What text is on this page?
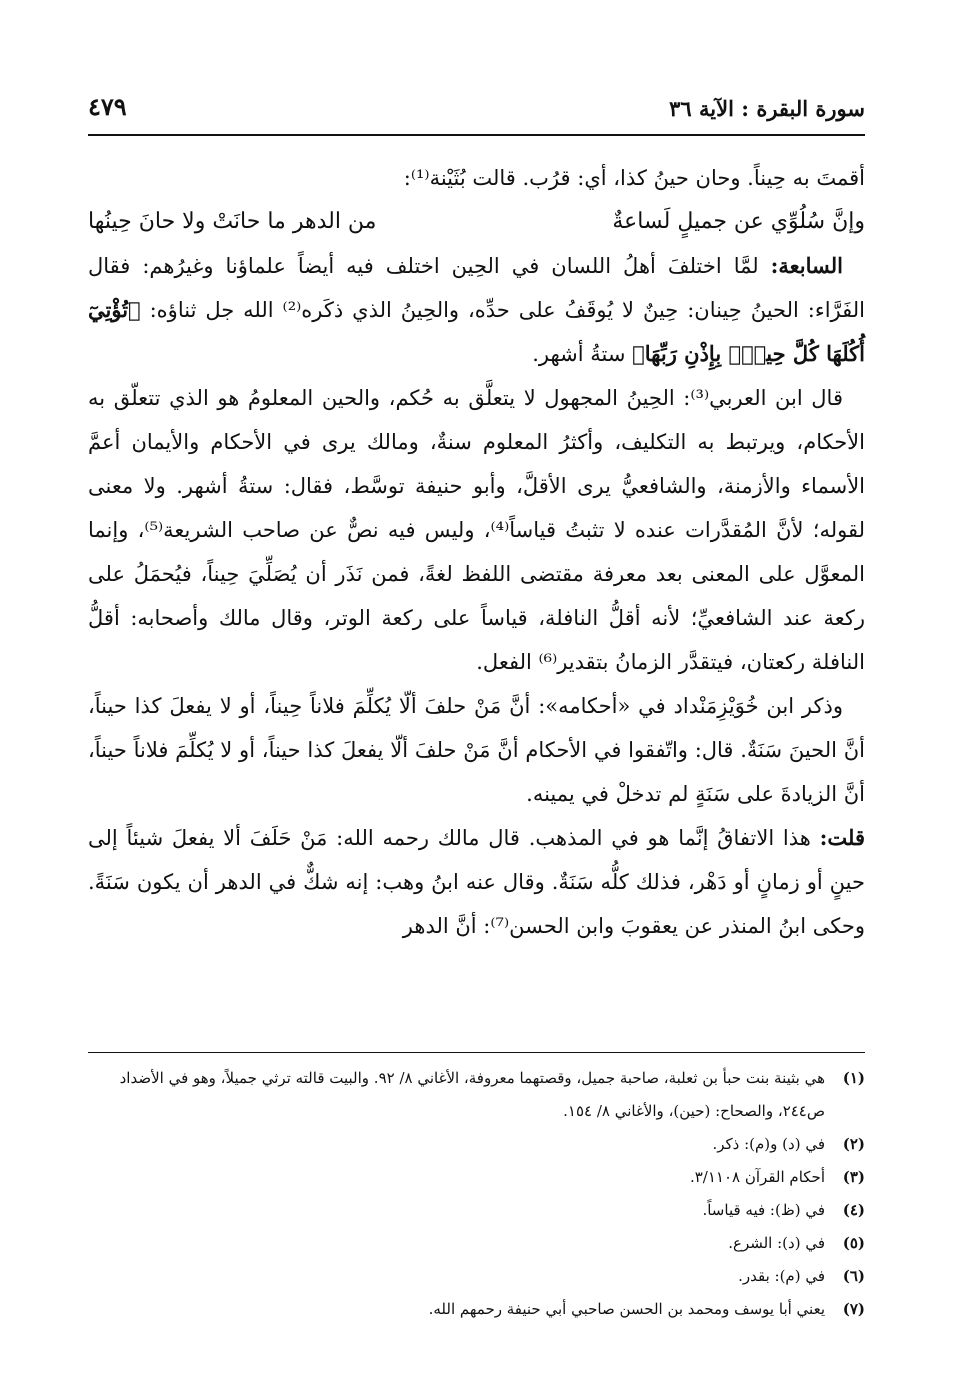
سورة البقرة : الآية ٣٦
٤٧٩

أقمتَ به حِيناً. وحان حينُ كذا، أي: قرُب. قالت بُثَيْنة⁽¹⁾:

وإنَّ سُلُوِّي عن جميلٍ لَساعةٌ
من الدهر ما حانَتْ ولا حانَ حِينُها

السابعة: لمَّا اختلفَ أهلُ اللسان في الحِين اختلف فيه أيضاً علماؤنا وغيرُهم: فقال الفَرَّاء: الحينُ حِينان: حِينٌ لا يُوقَفُ على حدِّه، والحِينُ الذي ذكَره⁽²⁾ الله جل ثناؤه: ﴿تُؤْتِيٓ أُكُلَهَا كُلَّ حِينٍۭ بِإِذْنِ رَبِّهَا﴾ ستةُ أشهر.

قال ابن العربي⁽³⁾: الحِينُ المجهول لا يتعلَّق به حُكم، والحين المعلومُ هو الذي تتعلّق به الأحكام، ويرتبط به التكليف، وأكثرُ المعلوم سنةٌ، ومالك يرى في الأحكام والأيمان أعمَّ الأسماء والأزمنة، والشافعيُّ يرى الأقلَّ، وأبو حنيفة توسَّط، فقال: ستةُ أشهر. ولا معنى لقوله؛ لأنَّ المُقدَّرات عنده لا تثبتُ قياساً⁽⁴⁾، وليس فيه نصٌّ عن صاحب الشريعة⁽⁵⁾، وإنما المعوَّل على المعنى بعد معرفة مقتضى اللفظ لغةً، فمن نَذَر أن يُصَلِّيَ حِيناً، فيُحمَلُ على ركعة عند الشافعيِّ؛ لأنه أقلُّ النافلة، قياساً على ركعة الوتر، وقال مالك وأصحابه: أقلُّ النافلة ركعتان، فيتقدَّر الزمانُ بتقدير⁽⁶⁾ الفعل.

وذكر ابن خُوَيْزِمَنْداد في «أحكامه»: أنَّ مَنْ حلفَ ألّا يُكلِّمَ فلاناً حِيناً، أو لا يفعلَ كذا حيناً، أنَّ الحينَ سَنَةٌ. قال: واتّفقوا في الأحكام أنَّ مَنْ حلفَ ألّا يفعلَ كذا حيناً، أو لا يُكلِّمَ فلاناً حيناً، أنَّ الزيادةَ على سَنَةٍ لم تدخلْ في يمينه.

قلت: هذا الاتفاقُ إنَّما هو في المذهب. قال مالك رحمه الله: مَنْ حَلَفَ ألا يفعلَ شيئاً إلى حينٍ أو زمانٍ أو دَهْر، فذلك كلُّه سَنَةٌ. وقال عنه ابنُ وهب: إنه شكٌّ في الدهر أن يكون سَنَةً. وحكى ابنُ المنذر عن يعقوبَ وابن الحسن⁽⁷⁾: أنَّ الدهر

(١)
هي بثينة بنت حبأ بن ثعلبة، صاحبة جميل، وقصتهما معروفة، الأغاني ٨/ ٩٢. والبيت قالته ترثي جميلاً، وهو في الأضداد ص٢٤٤، والصحاح: (حين)، والأغاني ٨/ ١٥٤.
(٢)
في (د) و(م): ذكر.
(٣)
أحكام القرآن ٣/١١٠٨.
(٤)
في (ظ): فيه قياساً.
(٥)
في (د): الشرع.
(٦)
في (م): بقدر.
(٧)
يعني أبا يوسف ومحمد بن الحسن صاحبي أبي حنيفة رحمهم الله.
